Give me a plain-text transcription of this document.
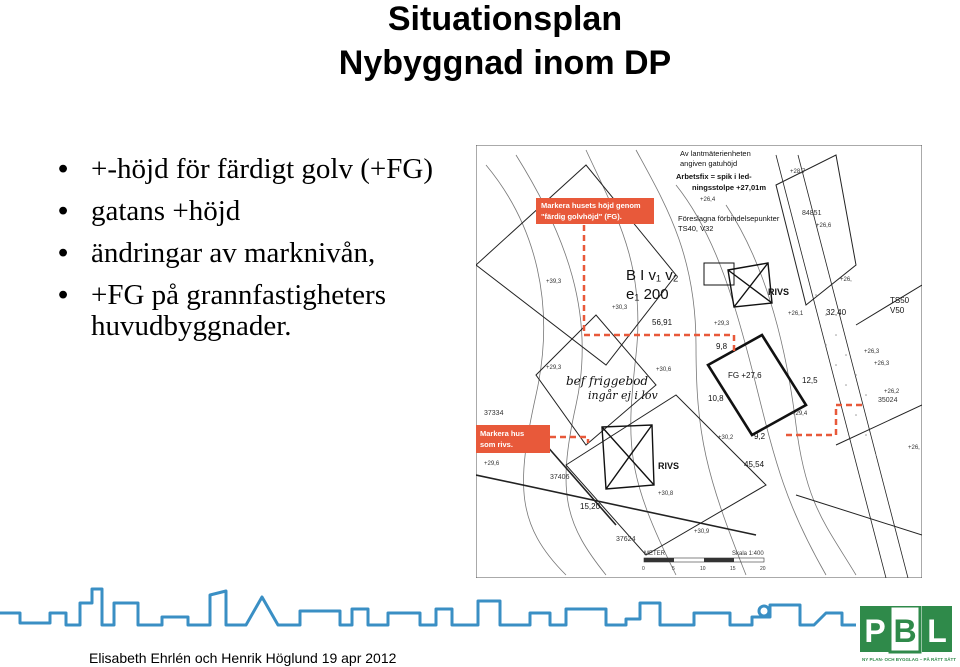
Situationsplan
Nybyggnad inom DP
• +-höjd för färdigt golv (+FG)
• gatans +höjd
• ändringar av marknivån,
• +FG på grannfastigheters huvudbyggnader.
Markera husets höjd genom "färdig golvhöjd" (FG).
Markera hus som rivs.
Av lantmäterienheten angiven gatuhöjd Arbetsfix = spik i led- ningsstolpe +27,01m
Föreslagna förbindelsepunkter TS40, V32
B I v₁ v₂ e₁ 200	RIVS
RIVS
bef friggebod
ingår ej i lov
FG +27,6
TS50
V50
37334 37406 37624 84851 35024
9,8 10,8 12,5 9,2 45,54 15,20 56,91 32,40
+28,7 +26,4 +26,6 +26,3 +26,3 +26,2 +26, +26, +26,1 +39,3 +30,3 +29,3 +29,4 +30,2 +30,6 +30,8 +30,9 +29,6 +29,3
METER	Skala 1:400
0	5	10	15	20
Elisabeth Ehrlén och Henrik Höglund 19 apr 2012
P B L
NY PLAN- OCH BYGGLAG – PÅ RÄTT SÄTT
